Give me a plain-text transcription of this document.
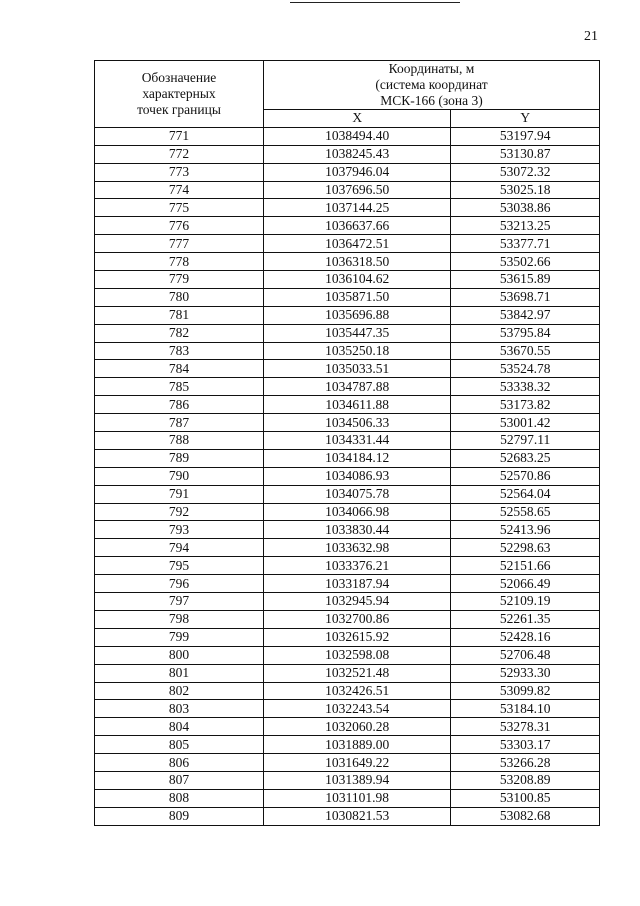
21
Обозначение
характерных
точек границы	Координаты, м
(система координат
МСК-166 (зона 3)	
	X	Y
771	1038494.40	53197.94
772	1038245.43	53130.87
773	1037946.04	53072.32
774	1037696.50	53025.18
775	1037144.25	53038.86
776	1036637.66	53213.25
777	1036472.51	53377.71
778	1036318.50	53502.66
779	1036104.62	53615.89
780	1035871.50	53698.71
781	1035696.88	53842.97
782	1035447.35	53795.84
783	1035250.18	53670.55
784	1035033.51	53524.78
785	1034787.88	53338.32
786	1034611.88	53173.82
787	1034506.33	53001.42
788	1034331.44	52797.11
789	1034184.12	52683.25
790	1034086.93	52570.86
791	1034075.78	52564.04
792	1034066.98	52558.65
793	1033830.44	52413.96
794	1033632.98	52298.63
795	1033376.21	52151.66
796	1033187.94	52066.49
797	1032945.94	52109.19
798	1032700.86	52261.35
799	1032615.92	52428.16
800	1032598.08	52706.48
801	1032521.48	52933.30
802	1032426.51	53099.82
803	1032243.54	53184.10
804	1032060.28	53278.31
805	1031889.00	53303.17
806	1031649.22	53266.28
807	1031389.94	53208.89
808	1031101.98	53100.85
809	1030821.53	53082.68
